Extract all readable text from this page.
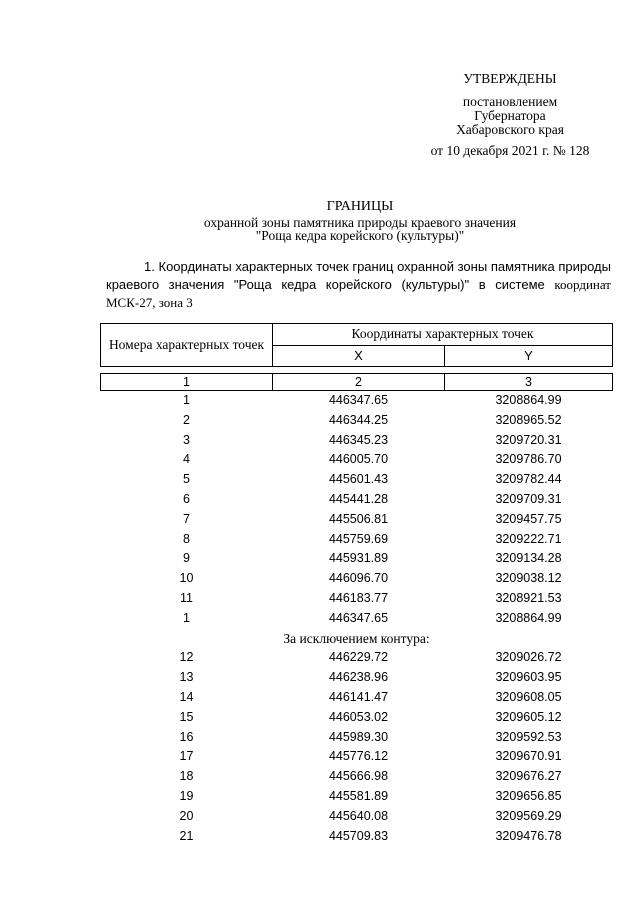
УТВЕРЖДЕНЫ
постановлением
Губернатора
Хабаровского края
от 10 декабря 2021 г. № 128
ГРАНИЦЫ
охранной зоны памятника природы краевого значения
"Роща кедра корейского (культуры)"
1. Координаты характерных точек границ охранной зоны памятника природы краевого значения "Роща кедра корейского (культуры)" в системе координат МСК-27, зона 3
Номера характерных точек	Координаты характерных точек	
	X	Y

1	2	3
1	446347.65	3208864.99
2	446344.25	3208965.52
3	446345.23	3209720.31
4	446005.70	3209786.70
5	445601.43	3209782.44
6	445441.28	3209709.31
7	445506.81	3209457.75
8	445759.69	3209222.71
9	445931.89	3209134.28
10	446096.70	3209038.12
11	446183.77	3208921.53
1	446347.65	3208864.99
За исключением контура:		
12	446229.72	3209026.72
13	446238.96	3209603.95
14	446141.47	3209608.05
15	446053.02	3209605.12
16	445989.30	3209592.53
17	445776.12	3209670.91
18	445666.98	3209676.27
19	445581.89	3209656.85
20	445640.08	3209569.29
21	445709.83	3209476.78
